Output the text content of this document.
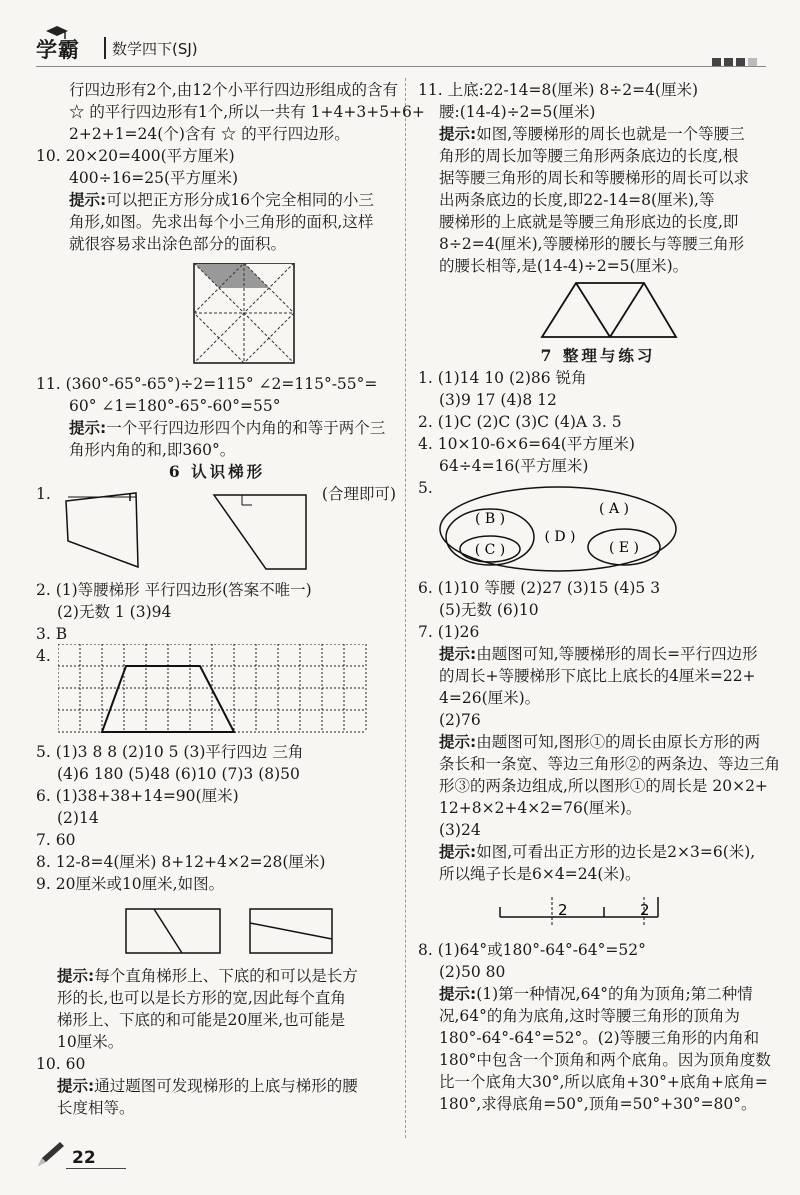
学霸 数学四下(SJ)

行四边形有2个,由12个小平行四边形组成的含有

☆ 的平行四边形有1个,所以一共有 1+4+3+5+6+

2+2+1=24(个)含有 ☆ 的平行四边形。

10. 20×20=400(平方厘米)

400÷16=25(平方厘米)

提示:可以把正方形分成16个完全相同的小三

角形,如图。先求出每个小三角形的面积,这样

就很容易求出涂色部分的面积。

11. (360°-65°-65°)÷2=115° ∠2=115°-55°=

60° ∠1=180°-65°-60°=55°

提示:一个平行四边形四个内角的和等于两个三

角形内角的和,即360°。

6 认识梯形

1.	(合理即可)

2. (1)等腰梯形 平行四边形(答案不唯一)

(2)无数 1 (3)94

3. B

4.

5. (1)3 8 8 (2)10 5 (3)平行四边 三角

(4)6 180 (5)48 (6)10 (7)3 (8)50

6. (1)38+38+14=90(厘米)

(2)14

7. 60

8. 12-8=4(厘米) 8+12+4×2=28(厘米)

9. 20厘米或10厘米,如图。

提示:每个直角梯形上、下底的和可以是长方

形的长,也可以是长方形的宽,因此每个直角

梯形上、下底的和可能是20厘米,也可能是

10厘米。

10. 60

提示:通过题图可发现梯形的上底与梯形的腰

长度相等。

11. 上底:22-14=8(厘米) 8÷2=4(厘米)

腰:(14-4)÷2=5(厘米)

提示:如图,等腰梯形的周长也就是一个等腰三

角形的周长加等腰三角形两条底边的长度,根

据等腰三角形的周长和等腰梯形的周长可以求

出两条底边的长度,即22-14=8(厘米),等

腰梯形的上底就是等腰三角形底边的长度,即

8÷2=4(厘米),等腰梯形的腰长与等腰三角形

的腰长相等,是(14-4)÷2=5(厘米)。

7 整理与练习

1. (1)14 10 (2)86 锐角

(3)9 17 (4)8 12

2. (1)C (2)C (3)C (4)A 3. 5

4. 10×10-6×6=64(平方厘米)

64÷4=16(平方厘米)

5.
( B )
( C )
( D )
( A )
( E )

6. (1)10 等腰 (2)27 (3)15 (4)5 3

(5)无数 (6)10

7. (1)26

提示:由题图可知,等腰梯形的周长=平行四边形

的周长+等腰梯形下底比上底长的4厘米=22+

4=26(厘米)。

(2)76

提示:由题图可知,图形①的周长由原长方形的两

条长和一条宽、等边三角形②的两条边、等边三角

形③的两条边组成,所以图形①的周长是 20×2+

12+8×2+4×2=76(厘米)。

(3)24

提示:如图,可看出正方形的边长是2×3=6(米),

所以绳子长是6×4=24(米)。

2	2

8. (1)64°或180°-64°-64°=52°

(2)50 80

提示:(1)第一种情况,64°的角为顶角;第二种情

况,64°的角为底角,这时等腰三角形的顶角为

180°-64°-64°=52°。(2)等腰三角形的内角和

180°中包含一个顶角和两个底角。因为顶角度数

比一个底角大30°,所以底角+30°+底角+底角=

180°,求得底角=50°,顶角=50°+30°=80°。

22
